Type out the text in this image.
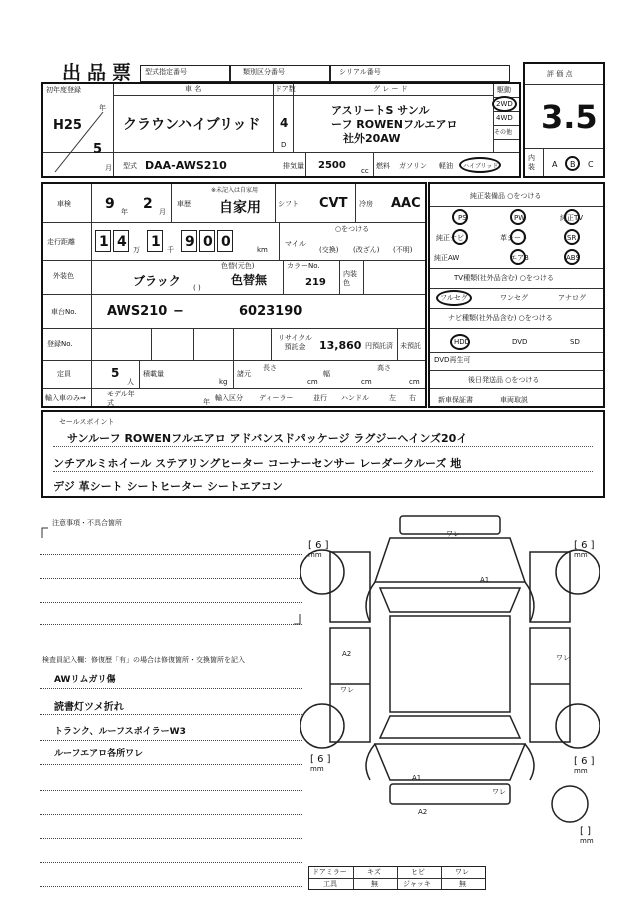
出品票 型式指定番号	類別区分番号	シリアル番号	評 価 点
3.5
内装	A B C
初年度登録
年
H25
5
月
車 名
クラウンハイブリッド
ドア数
4
D
グ レ ー ド
アスリートS サンル
ーフ ROWENフルエアロ
社外20AW
駆動
2WD
4WD
その他
型式 DAA-AWS210	排気量 2500 cc
燃料 ガソリン 軽油 ハイブリッド
車検 9 年 2 月
車歴
※未記入は自家用
自家用 シフト CVT 冷房 AAC
走行距離 1 4 万 1 千 9 0 0	km
マイル
○をつける
(交換) (改ざん) (不明)
外装色	ブラック
色替(元色)
色替無
( )
カラーNo.
219
内装色
車台No. AWS210 −	6023190
登録No.
リサイクル預託金	13,860 円預託済 未預託
定員	5
人
積載量
kg
諸元
長さ
cm
幅
cm
高さ
cm
輸入車のみ⇒	モデル年式	年 輸入区分 ディーラー	並行 ハンドル	左 右
純正装備品 ○をつける
PS	PW	純正TV
純正ナビ	革シート	SR
純正AW	エアB	ABS
TV種類(社外品含む) ○をつける
フルセグ	ワンセグ	アナログ
ナビ種類(社外品含む) ○をつける
HDD	DVD	SD
DVD再生可
後日発送品 ○をつける
新車保証書	車両取説
セールスポイント
サンルーフ ROWENフルエアロ アドバンスドパッケージ ラグジーヘインズ20イ
ンチアルミホイール ステアリングヒーター コーナーセンサー レーダークルーズ 地
デジ 革シート シートヒーター シートエアコン
注意事項・不具合箇所
検査員記入欄：修復歴「有」の場合は修復箇所・交換箇所を記入
AWリムガリ傷
読書灯ツメ折れ
トランク、ルーフスポイラーW3
ルーフエアロ各所ワレ
ワレ
A1
A2	ワレ
ワレ
A1
ワレ
A2
[ 6 ]
mm
[ 6 ]
mm
[ 6 ]
mm
[ 6 ]
mm
[ ]
mm
ドアミラー	キズ	ヒビ	ワレ
工具	無	ジャッキ	無
